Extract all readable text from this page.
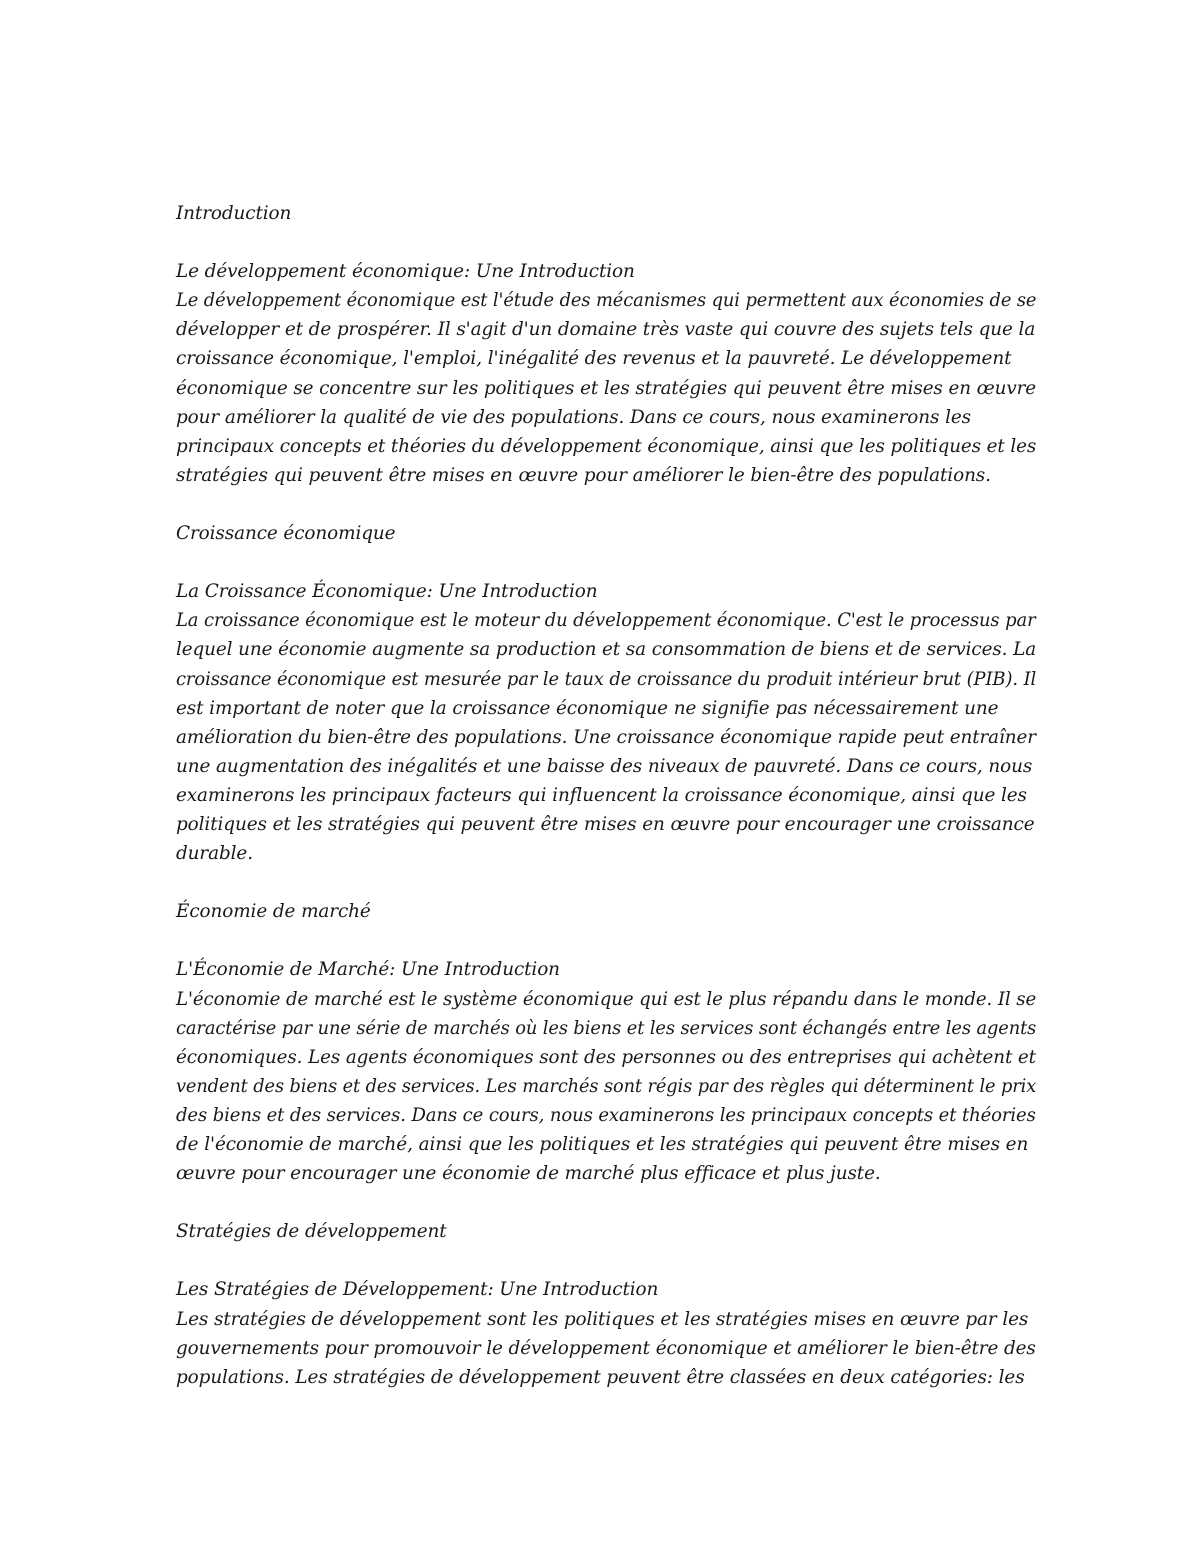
Introduction
Le développement économique: Une Introduction
Le développement économique est l'étude des mécanismes qui permettent aux économies de se
développer et de prospérer. Il s'agit d'un domaine très vaste qui couvre des sujets tels que la
croissance économique, l'emploi, l'inégalité des revenus et la pauvreté. Le développement
économique se concentre sur les politiques et les stratégies qui peuvent être mises en œuvre
pour améliorer la qualité de vie des populations. Dans ce cours, nous examinerons les
principaux concepts et théories du développement économique, ainsi que les politiques et les
stratégies qui peuvent être mises en œuvre pour améliorer le bien-être des populations.
Croissance économique
La Croissance Économique: Une Introduction
La croissance économique est le moteur du développement économique. C'est le processus par
lequel une économie augmente sa production et sa consommation de biens et de services. La
croissance économique est mesurée par le taux de croissance du produit intérieur brut (PIB). Il
est important de noter que la croissance économique ne signifie pas nécessairement une
amélioration du bien-être des populations. Une croissance économique rapide peut entraîner
une augmentation des inégalités et une baisse des niveaux de pauvreté. Dans ce cours, nous
examinerons les principaux facteurs qui influencent la croissance économique, ainsi que les
politiques et les stratégies qui peuvent être mises en œuvre pour encourager une croissance
durable.
Économie de marché
L'Économie de Marché: Une Introduction
L'économie de marché est le système économique qui est le plus répandu dans le monde. Il se
caractérise par une série de marchés où les biens et les services sont échangés entre les agents
économiques. Les agents économiques sont des personnes ou des entreprises qui achètent et
vendent des biens et des services. Les marchés sont régis par des règles qui déterminent le prix
des biens et des services. Dans ce cours, nous examinerons les principaux concepts et théories
de l'économie de marché, ainsi que les politiques et les stratégies qui peuvent être mises en
œuvre pour encourager une économie de marché plus efficace et plus juste.
Stratégies de développement
Les Stratégies de Développement: Une Introduction
Les stratégies de développement sont les politiques et les stratégies mises en œuvre par les
gouvernements pour promouvoir le développement économique et améliorer le bien-être des
populations. Les stratégies de développement peuvent être classées en deux catégories: les
